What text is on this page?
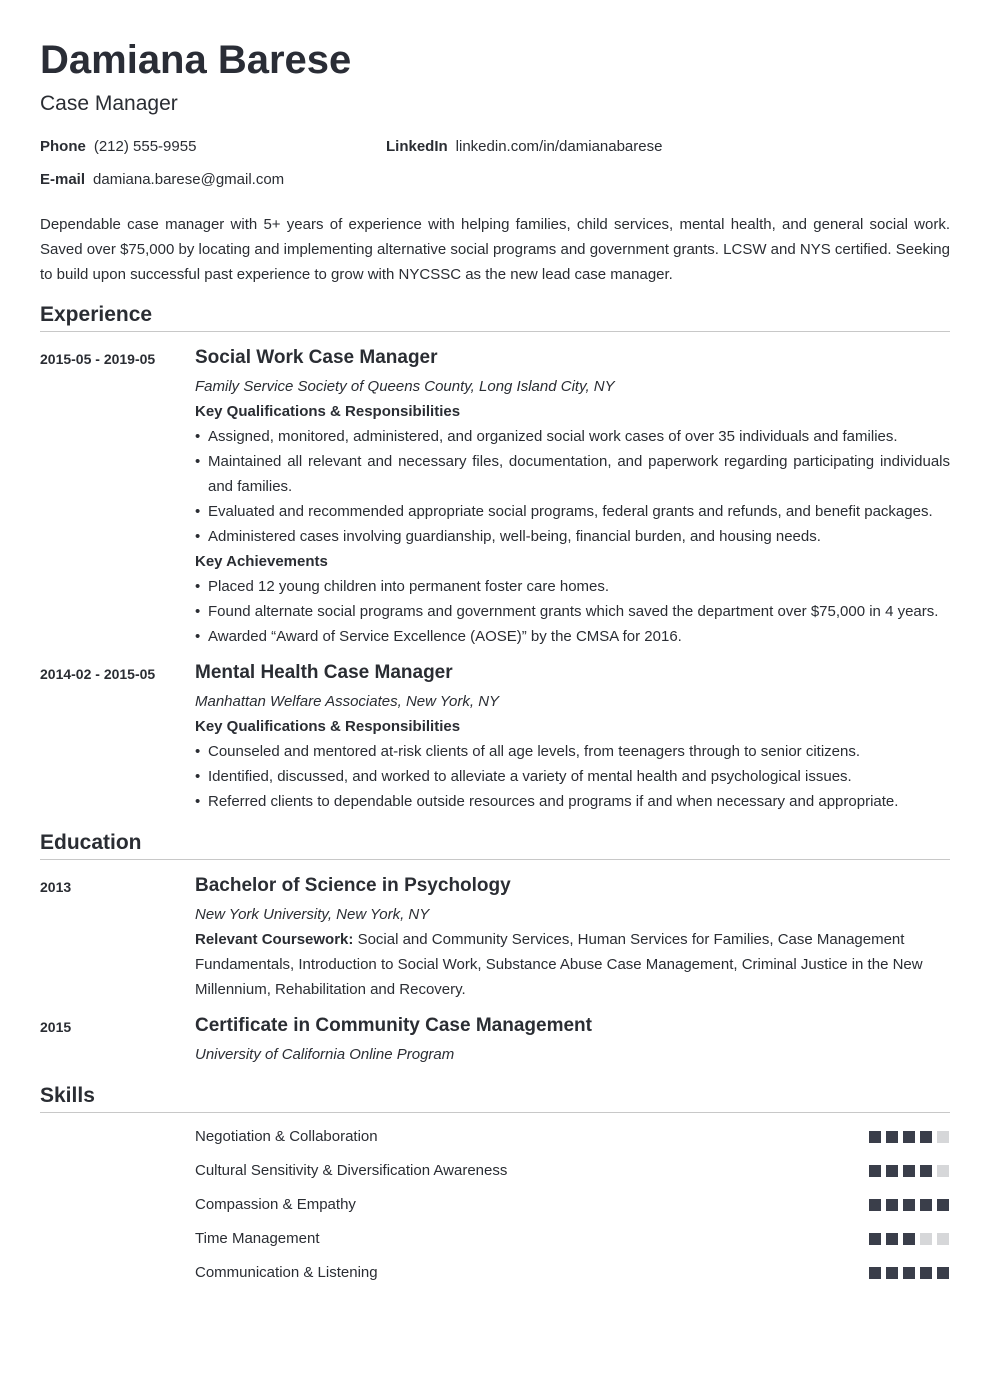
Damiana Barese
Case Manager
Phone (212) 555-9955	LinkedIn linkedin.com/in/damianabarese
E-mail damiana.barese@gmail.com
Dependable case manager with 5+ years of experience with helping families, child services, mental health, and general social work. Saved over $75,000 by locating and implementing alternative social programs and government grants. LCSW and NYS certified. Seeking to build upon successful past experience to grow with NYCSSC as the new lead case manager.
Experience
2015-05 - 2019-05	Social Work Case Manager
Family Service Society of Queens County, Long Island City, NY
Key Qualifications & Responsibilities
• Assigned, monitored, administered, and organized social work cases of over 35 individuals and families.
• Maintained all relevant and necessary files, documentation, and paperwork regarding participating individuals and families.
• Evaluated and recommended appropriate social programs, federal grants and refunds, and benefit packages.
• Administered cases involving guardianship, well-being, financial burden, and housing needs.
Key Achievements
• Placed 12 young children into permanent foster care homes.
• Found alternate social programs and government grants which saved the department over $75,000 in 4 years.
• Awarded “Award of Service Excellence (AOSE)” by the CMSA for 2016.
2014-02 - 2015-05	Mental Health Case Manager
Manhattan Welfare Associates, New York, NY
Key Qualifications & Responsibilities
• Counseled and mentored at-risk clients of all age levels, from teenagers through to senior citizens.
• Identified, discussed, and worked to alleviate a variety of mental health and psychological issues.
• Referred clients to dependable outside resources and programs if and when necessary and appropriate.
Education
2013	Bachelor of Science in Psychology
New York University, New York, NY
Relevant Coursework: Social and Community Services, Human Services for Families, Case Management Fundamentals, Introduction to Social Work, Substance Abuse Case Management, Criminal Justice in the New Millennium, Rehabilitation and Recovery.
2015	Certificate in Community Case Management
University of California Online Program
Skills
Negotiation & Collaboration
Cultural Sensitivity & Diversification Awareness
Compassion & Empathy
Time Management
Communication & Listening
